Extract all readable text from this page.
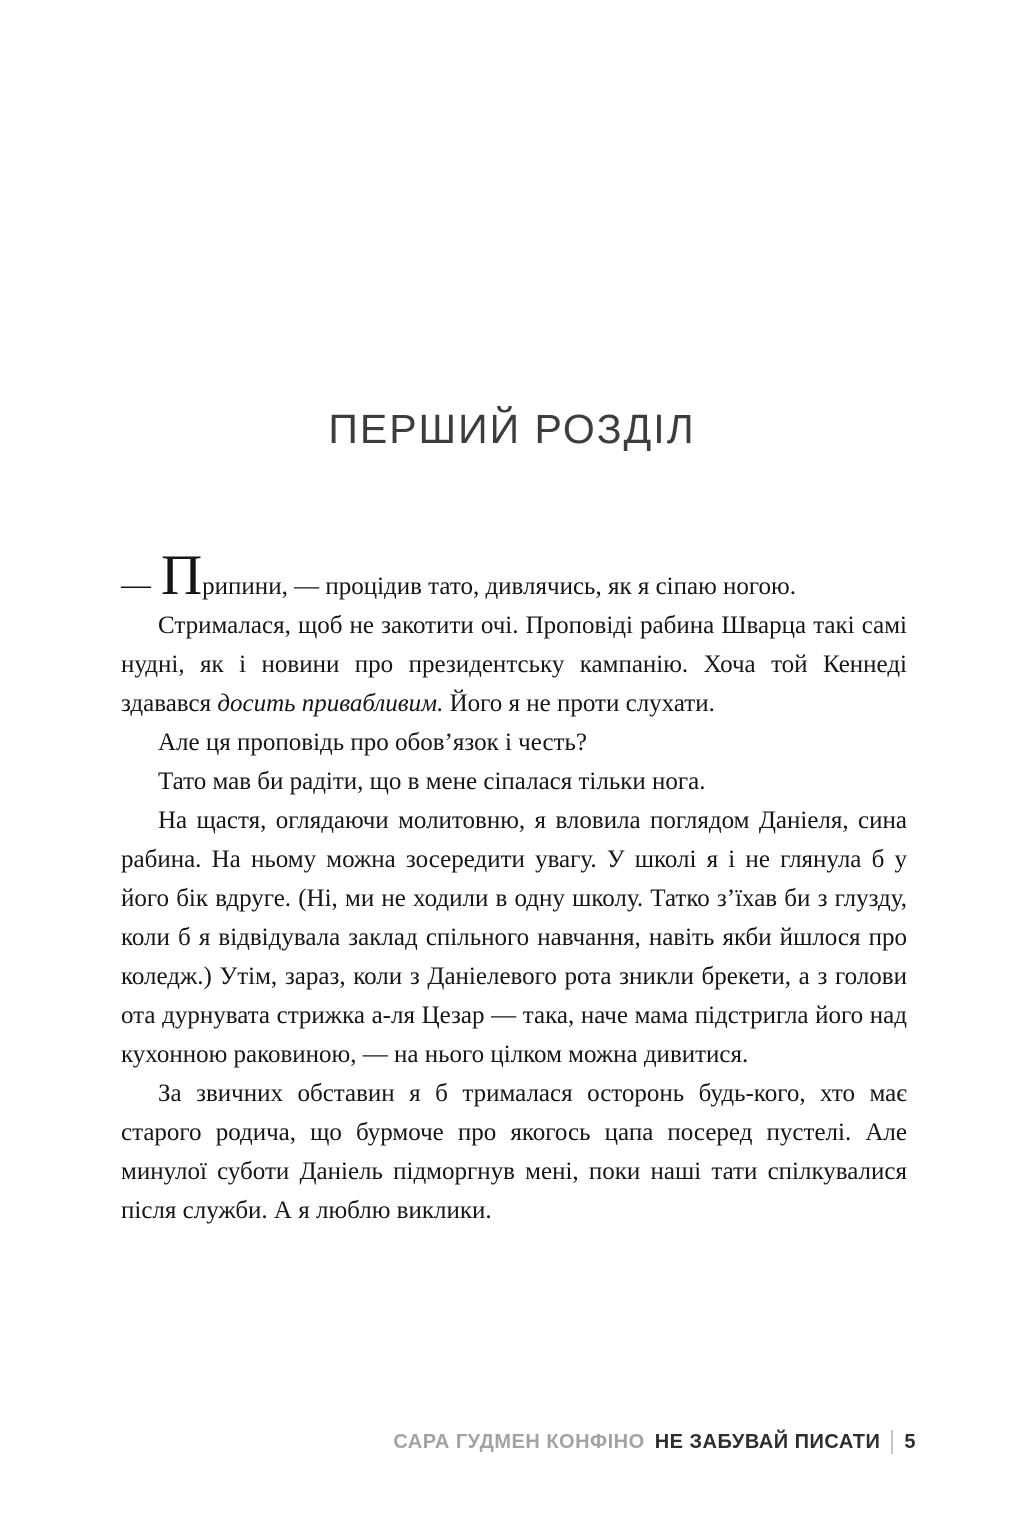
ПЕРШИЙ РОЗДІЛ

— Припини, — процідив тато, дивлячись, як я сіпаю ногою.

Стрималася, щоб не закотити очі. Проповіді рабина Шварца такі самі нудні, як і новини про президентську кампанію. Хоча той Кеннеді здавався досить привабливим. Його я не проти слухати.

Але ця проповідь про обов’язок і честь?

Тато мав би радіти, що в мене сіпалася тільки нога.

На щастя, оглядаючи молитовню, я вловила поглядом Даніеля, сина рабина. На ньому можна зосередити увагу. У школі я і не глянула б у його бік вдруге. (Ні, ми не ходили в одну школу. Татко з’їхав би з глузду, коли б я відвідувала заклад спільного навчання, навіть якби йшлося про коледж.) Утім, зараз, коли з Даніелевого рота зникли брекети, а з голови ота дурнувата стрижка а-ля Цезар — така, наче мама підстригла його над кухонною раковиною, — на нього цілком можна дивитися.

За звичних обставин я б трималася осторонь будь-кого, хто має старого родича, що бурмоче про якогось цапа посеред пустелі. Але минулої суботи Даніель підморгнув мені, поки наші тати спілкувалися після служби. А я люблю виклики.

САРА ГУДМЕН КОНФІНО НЕ ЗАБУВАЙ ПИСАТИ 5
